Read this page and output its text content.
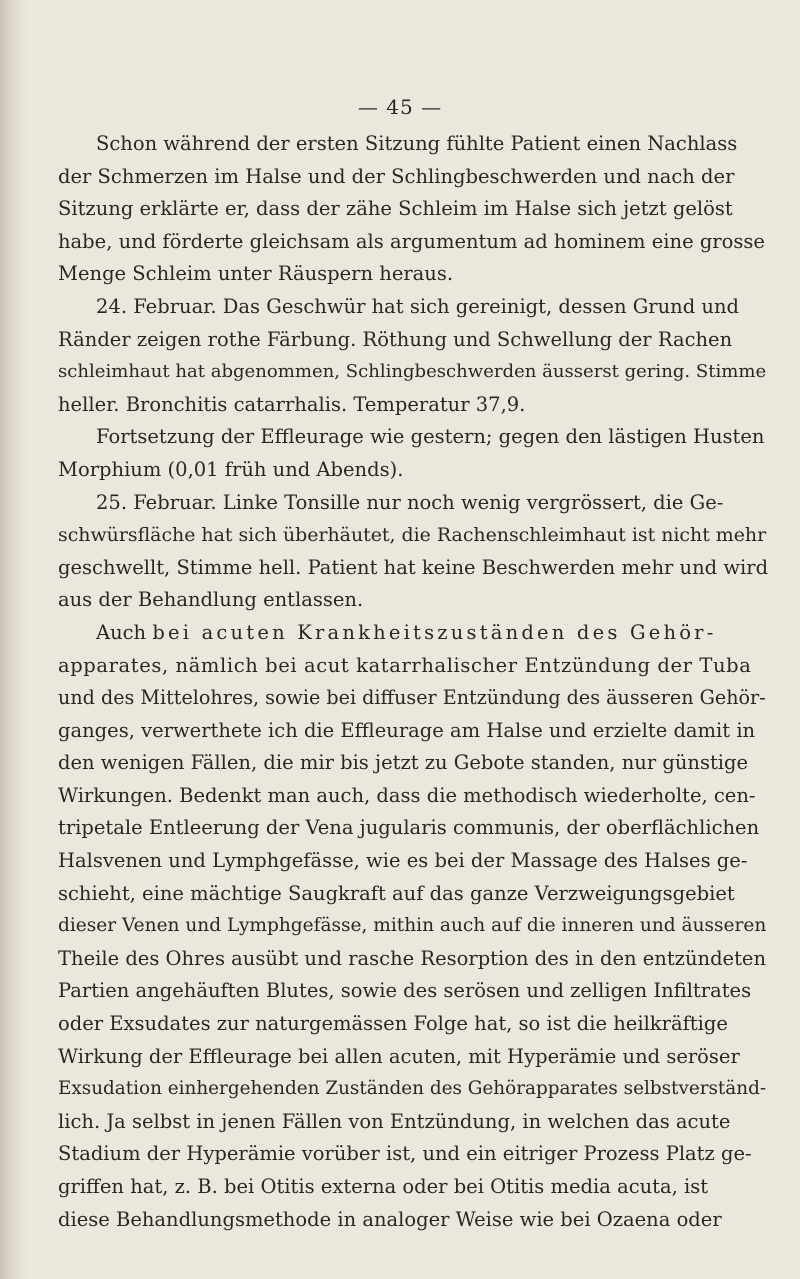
— 45 —

Schon während der ersten Sitzung fühlte Patient einen Nachlass
der Schmerzen im Halse und der Schlingbeschwerden und nach der
Sitzung erklärte er, dass der zähe Schleim im Halse sich jetzt gelöst
habe, und förderte gleichsam als argumentum ad hominem eine grosse
Menge Schleim unter Räuspern heraus.

24. Februar. Das Geschwür hat sich gereinigt, dessen Grund und
Ränder zeigen rothe Färbung. Röthung und Schwellung der Rachen
schleimhaut hat abgenommen, Schlingbeschwerden äusserst gering. Stimme
heller. Bronchitis catarrhalis. Temperatur 37,9.

Fortsetzung der Effleurage wie gestern; gegen den lästigen Husten
Morphium (0,01 früh und Abends).

25. Februar. Linke Tonsille nur noch wenig vergrössert, die Ge-
schwürsfläche hat sich überhäutet, die Rachenschleimhaut ist nicht mehr
geschwellt, Stimme hell. Patient hat keine Beschwerden mehr und wird
aus der Behandlung entlassen.

Auch bei acuten Krankheitszuständen des Gehör-
apparates, nämlich bei acut katarrhalischer Entzündung der Tuba
und des Mittelohres, sowie bei diffuser Entzündung des äusseren Gehör-
ganges, verwerthete ich die Effleurage am Halse und erzielte damit in
den wenigen Fällen, die mir bis jetzt zu Gebote standen, nur günstige
Wirkungen. Bedenkt man auch, dass die methodisch wiederholte, cen-
tripetale Entleerung der Vena jugularis communis, der oberflächlichen
Halsvenen und Lymphgefässe, wie es bei der Massage des Halses ge-
schieht, eine mächtige Saugkraft auf das ganze Verzweigungsgebiet
dieser Venen und Lymphgefässe, mithin auch auf die inneren und äusseren
Theile des Ohres ausübt und rasche Resorption des in den entzündeten
Partien angehäuften Blutes, sowie des serösen und zelligen Infiltrates
oder Exsudates zur naturgemässen Folge hat, so ist die heilkräftige
Wirkung der Effleurage bei allen acuten, mit Hyperämie und seröser
Exsudation einhergehenden Zuständen des Gehörapparates selbstverständ-
lich. Ja selbst in jenen Fällen von Entzündung, in welchen das acute
Stadium der Hyperämie vorüber ist, und ein eitriger Prozess Platz ge-
griffen hat, z. B. bei Otitis externa oder bei Otitis media acuta, ist
diese Behandlungsmethode in analoger Weise wie bei Ozaena oder
